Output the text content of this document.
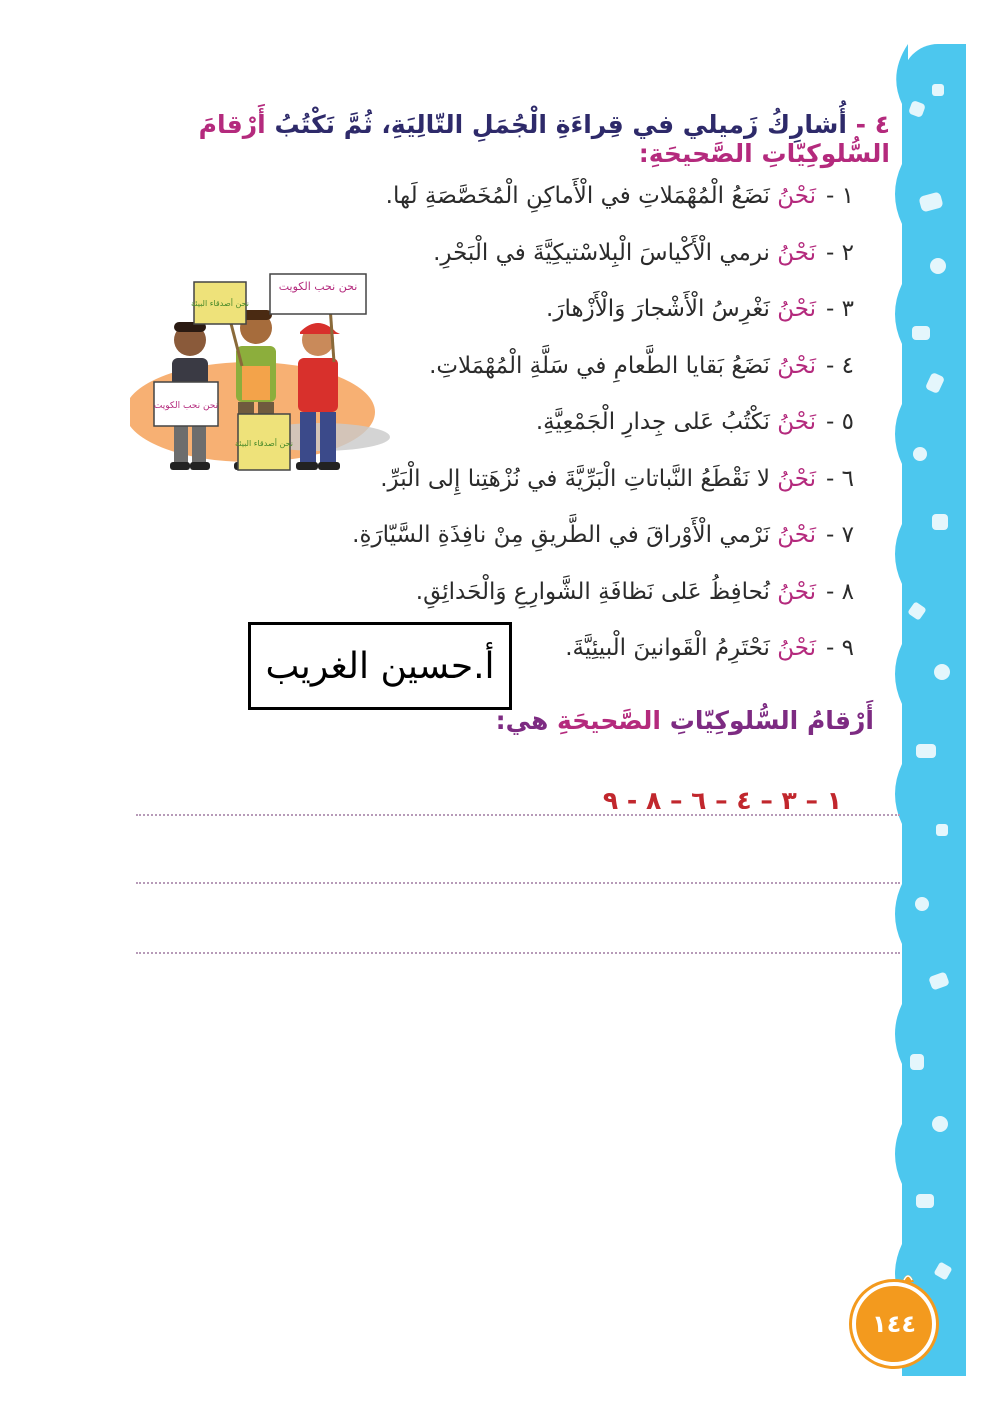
٤ - أُشارِكُ زَميلي في قِراءَةِ الْجُمَلِ التّالِيَةِ، ثُمَّ نَكْتُبُ أَرْقامَ السُّلوكِيّاتِ الصَّحيحَةِ:
١ -نَحْنُ نَضَعُ الْمُهْمَلاتِ في الْأَماكِنِ الْمُخَصَّصَةِ لَها.
٢ -نَحْنُ نرمي الْأَكْياسَ الْبِلاسْتيكِيَّةَ في الْبَحْرِ.
٣ -نَحْنُ نَغْرِسُ الْأَشْجارَ وَالْأَزْهارَ.
٤ -نَحْنُ نَضَعُ بَقايا الطَّعامِ في سَلَّةِ الْمُهْمَلاتِ.
٥ -نَحْنُ نَكْتُبُ عَلى جِدارِ الْجَمْعِيَّةِ.
٦ -نَحْنُ لا نَقْطَعُ النَّباتاتِ الْبَرِّيَّةَ في نُزْهَتِنا إِلى الْبَرِّ.
٧ -نَحْنُ نَرْمي الْأَوْراقَ في الطَّريقِ مِنْ نافِذَةِ السَّيّارَةِ.
٨ -نَحْنُ نُحافِظُ عَلى نَظافَةِ الشَّوارِعِ وَالْحَدائِقِ.
٩ -نَحْنُ نَحْتَرِمُ الْقَوانينَ الْبيئِيَّةَ.
نحن نحب الكويت
نحن أصدقاء البيئة
نحن نحب الكويت
نحن أصدقاء البيئة
أ.حسين الغريب
أَرْقامُ السُّلوكِيّاتِ الصَّحيحَةِ هي:
١ – ٣ – ٤ – ٦ – ٨ - ٩
١٤٤
